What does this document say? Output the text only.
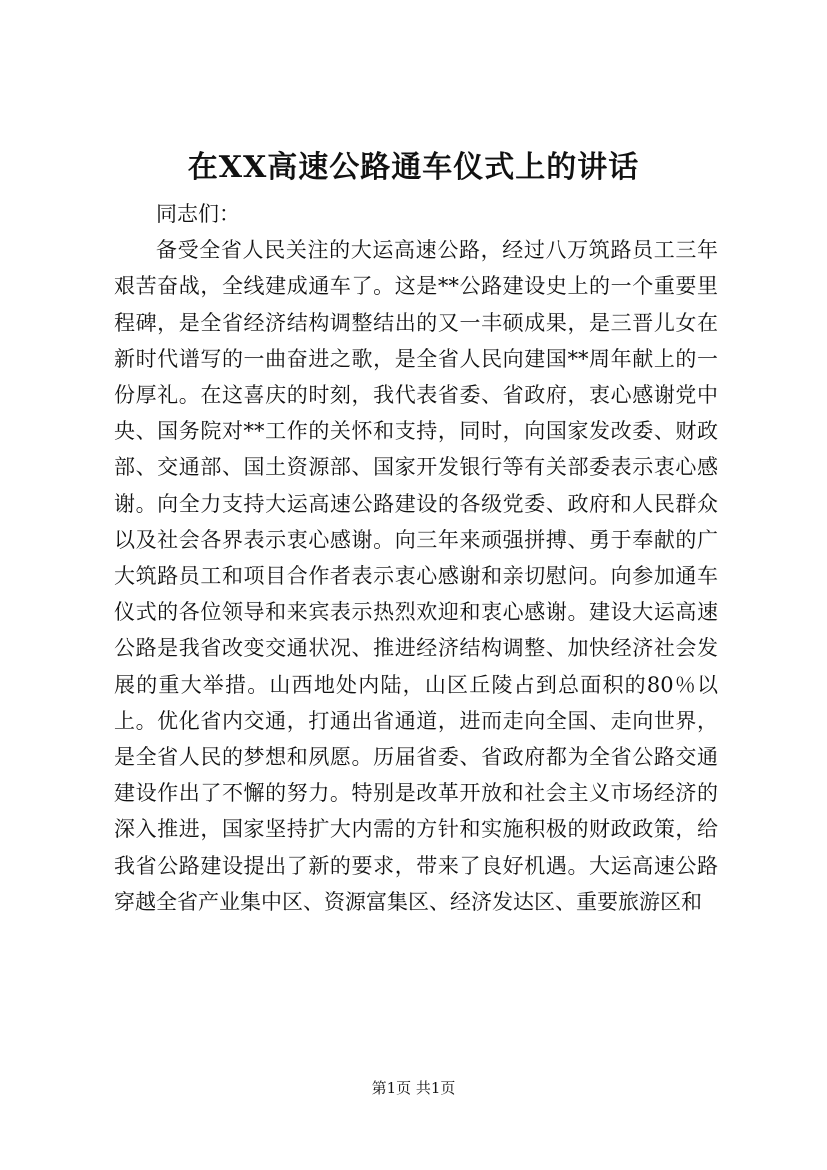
在XX高速公路通车仪式上的讲话

同志们：

备受全省人民关注的大运高速公路，经过八万筑路员工三年艰苦奋战，全线建成通车了。这是**公路建设史上的一个重要里程碑，是全省经济结构调整结出的又一丰硕成果，是三晋儿女在新时代谱写的一曲奋进之歌，是全省人民向建国**周年献上的一份厚礼。在这喜庆的时刻，我代表省委、省政府，衷心感谢党中央、国务院对**工作的关怀和支持，同时，向国家发改委、财政部、交通部、国土资源部、国家开发银行等有关部委表示衷心感谢。向全力支持大运高速公路建设的各级党委、政府和人民群众以及社会各界表示衷心感谢。向三年来顽强拼搏、勇于奉献的广大筑路员工和项目合作者表示衷心感谢和亲切慰问。向参加通车仪式的各位领导和来宾表示热烈欢迎和衷心感谢。建设大运高速公路是我省改变交通状况、推进经济结构调整、加快经济社会发展的重大举措。山西地处内陆，山区丘陵占到总面积的80％以上。优化省内交通，打通出省通道，进而走向全国、走向世界，是全省人民的梦想和夙愿。历届省委、省政府都为全省公路交通建设作出了不懈的努力。特别是改革开放和社会主义市场经济的深入推进，国家坚持扩大内需的方针和实施积极的财政政策，给我省公路建设提出了新的要求，带来了良好机遇。大运高速公路穿越全省产业集中区、资源富集区、经济发达区、重要旅游区和

第1页 共1页
